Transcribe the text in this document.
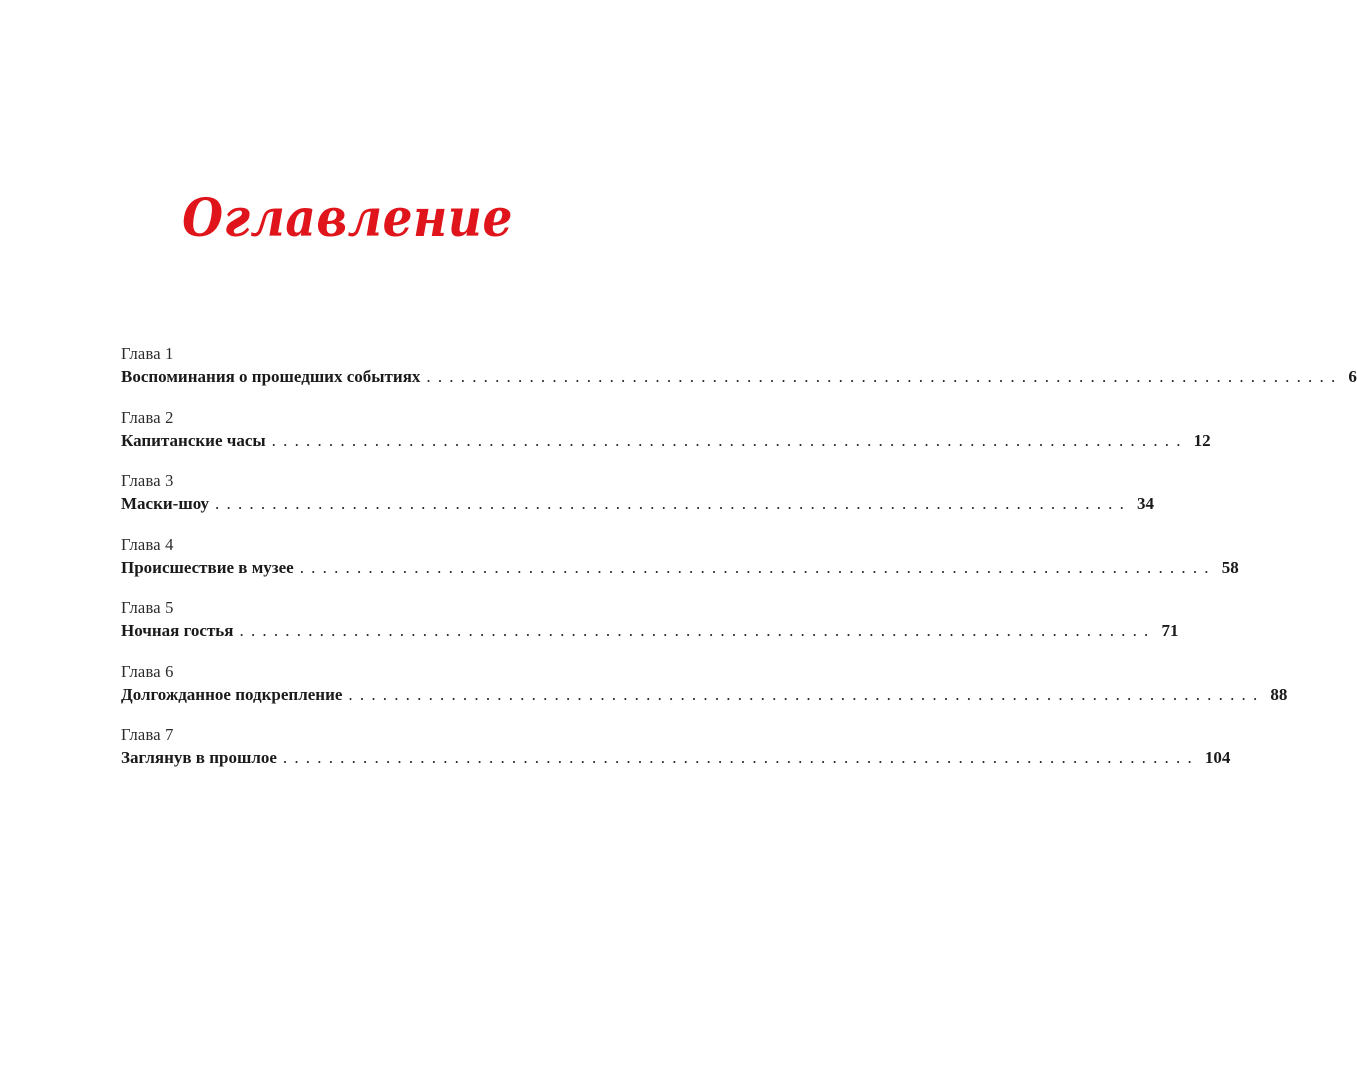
Оглавление
Глава 1
Воспоминания о прошедших событиях ................................................................................ 6
Глава 2
Капитанские часы ................................................................................ 12
Глава 3
Маски-шоу ................................................................................ 34
Глава 4
Происшествие в музее ................................................................................ 58
Глава 5
Ночная гостья ................................................................................ 71
Глава 6
Долгожданное подкрепление ................................................................................ 88
Глава 7
Заглянув в прошлое ................................................................................ 104
